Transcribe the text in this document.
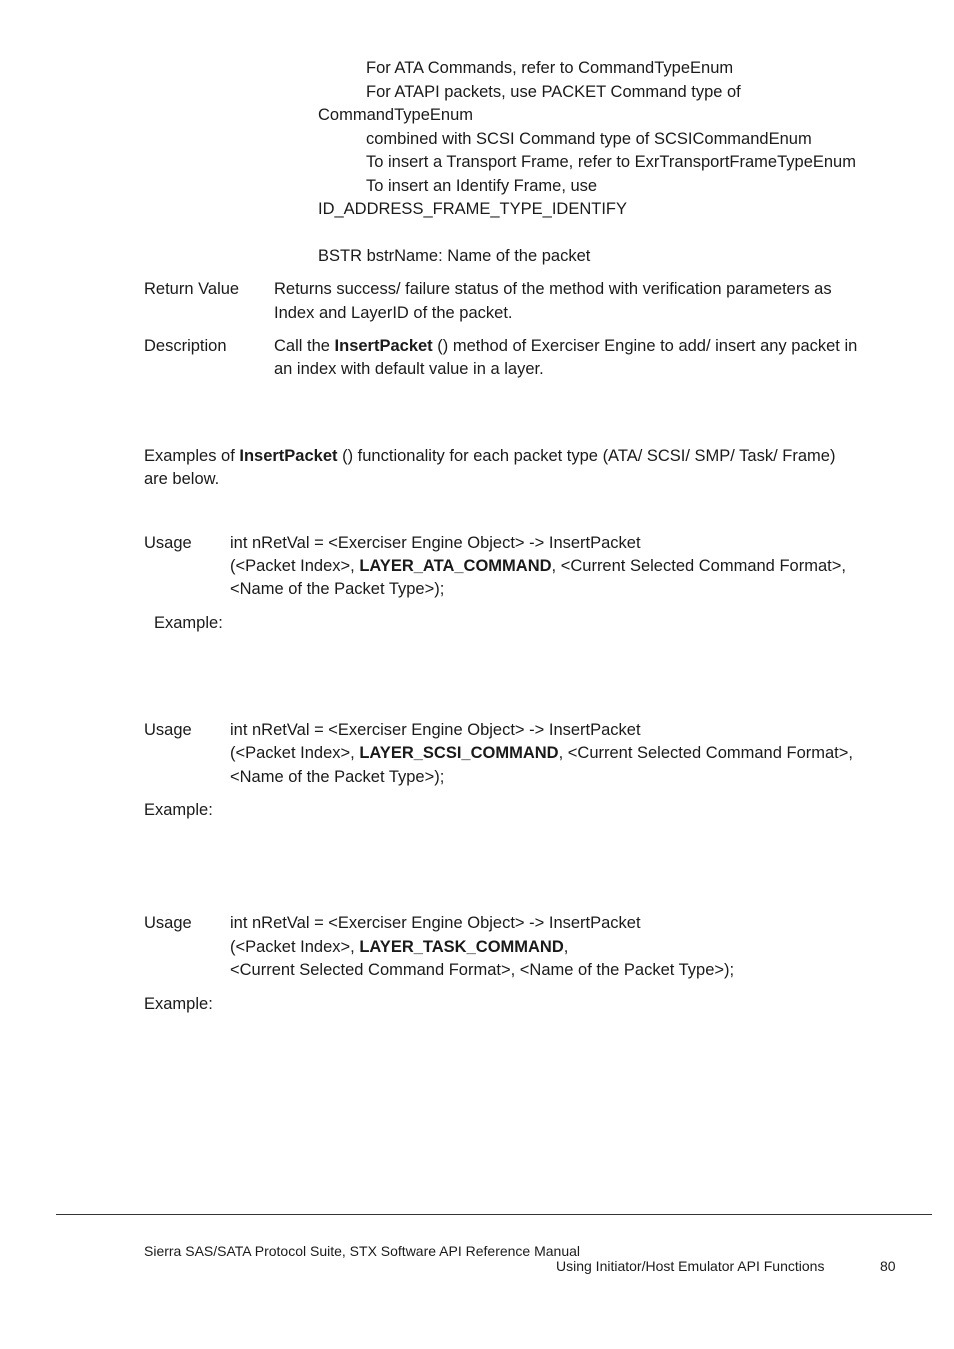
For ATA Commands, refer to CommandTypeEnum
For ATAPI packets, use PACKET Command type of
CommandTypeEnum
combined with SCSI Command type of SCSICommandEnum
To insert a Transport Frame, refer to ExrTransportFrameTypeEnum
To insert an Identify Frame, use
ID_ADDRESS_FRAME_TYPE_IDENTIFY
BSTR bstrName: Name of the packet
Return Value Returns success/ failure status of the method with verification parameters as
Index and LayerID of the packet.
Description	Call the InsertPacket () method of Exerciser Engine to add/ insert any packet in
an index with default value in a layer.
Examples of InsertPacket () functionality for each packet type (ATA/ SCSI/ SMP/ Task/ Frame)
are below.
Usage int nRetVal = <Exerciser Engine Object> -> InsertPacket
(<Packet Index>, LAYER_ATA_COMMAND, <Current Selected Command Format>,
<Name of the Packet Type>);
Example:
Usage int nRetVal = <Exerciser Engine Object> -> InsertPacket
(<Packet Index>, LAYER_SCSI_COMMAND, <Current Selected Command Format>,
<Name of the Packet Type>);
Example:
Usage int nRetVal = <Exerciser Engine Object> -> InsertPacket
(<Packet Index>, LAYER_TASK_COMMAND,
<Current Selected Command Format>, <Name of the Packet Type>);
Example:
Sierra SAS/SATA Protocol Suite, STX Software API Reference Manual
Using Initiator/Host Emulator API Functions	80
